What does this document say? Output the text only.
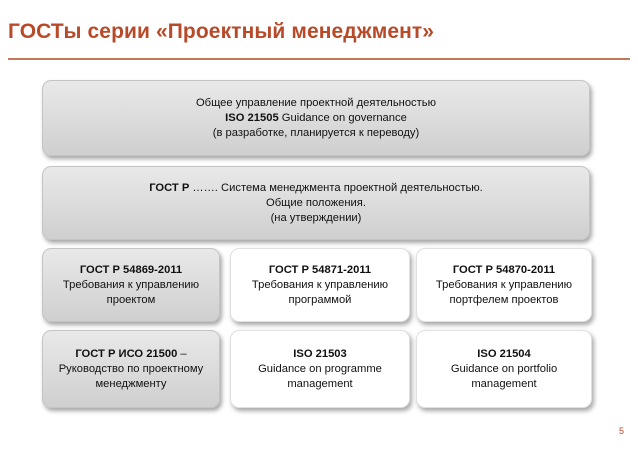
ГОСТы серии «Проектный менеджмент»
Общее управление проектной деятельностью
ISO 21505 Guidance on governance
(в разработке, планируется к переводу)
ГОСТ Р ……. Система менеджмента проектной деятельностью.
Общие положения.
(на утверждении)
ГОСТ Р 54869-2011
Требования к управлению
проектом
ГОСТ Р 54871-2011
Требования к управлению
программой
ГОСТ Р 54870-2011
Требования к управлению
портфелем проектов
ГОСТ Р ИСО 21500 –
Руководство по проектному
менеджменту
ISO 21503
Guidance on programme
management
ISO 21504
Guidance on portfolio
management
5
